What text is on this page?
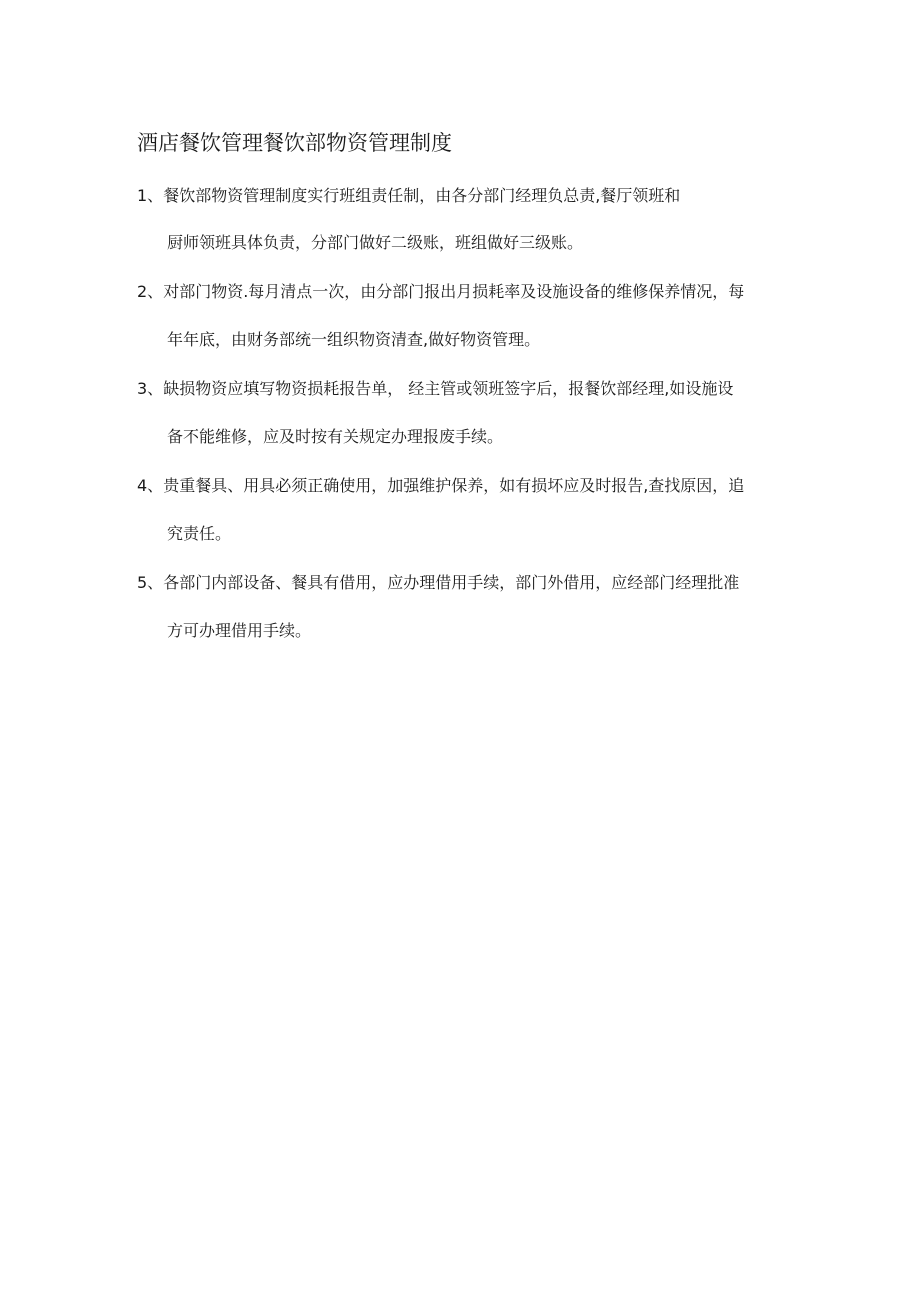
酒店餐饮管理餐饮部物资管理制度

1、餐饮部物资管理制度实行班组责任制，由各分部门经理负总责,餐厅领班和

厨师领班具体负责，分部门做好二级账，班组做好三级账。

2、对部门物资.每月清点一次，由分部门报出月损耗率及设施设备的维修保养情况，每

年年底，由财务部统一组织物资清查,做好物资管理。

3、缺损物资应填写物资损耗报告单， 经主管或领班签字后，报餐饮部经理,如设施设

备不能维修，应及时按有关规定办理报废手续。

4、贵重餐具、用具必须正确使用，加强维护保养，如有损坏应及时报告,查找原因，追

究责任。

5、各部门内部设备、餐具有借用，应办理借用手续，部门外借用，应经部门经理批准

方可办理借用手续。
